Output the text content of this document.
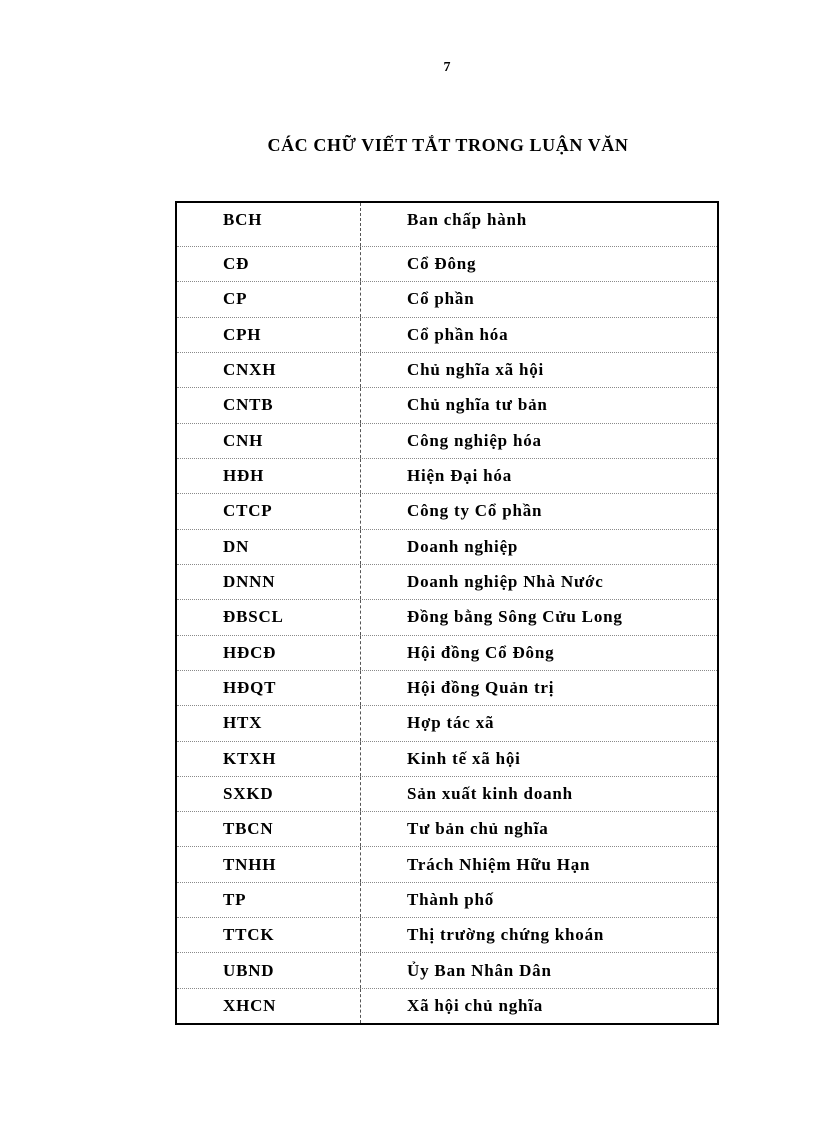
7
CÁC CHỮ VIẾT TẮT TRONG LUẬN VĂN
BCH	Ban chấp hành
CĐ	Cổ Đông
CP	Cổ phần
CPH	Cổ phần hóa
CNXH	Chủ nghĩa xã hội
CNTB	Chủ nghĩa tư bản
CNH	Công nghiệp hóa
HĐH	Hiện Đại hóa
CTCP	Công ty Cổ phần
DN	Doanh nghiệp
DNNN	Doanh nghiệp Nhà Nước
ĐBSCL	Đồng bằng Sông Cửu Long
HĐCĐ	Hội đồng Cổ Đông
HĐQT	Hội đồng Quản trị
HTX	Hợp tác xã
KTXH	Kinh tế xã hội
SXKD	Sản xuất kinh doanh
TBCN	Tư bản chủ nghĩa
TNHH	Trách Nhiệm Hữu Hạn
TP	Thành phố
TTCK	Thị trường chứng khoán
UBND	Ủy Ban Nhân Dân
XHCN	Xã hội chủ nghĩa
